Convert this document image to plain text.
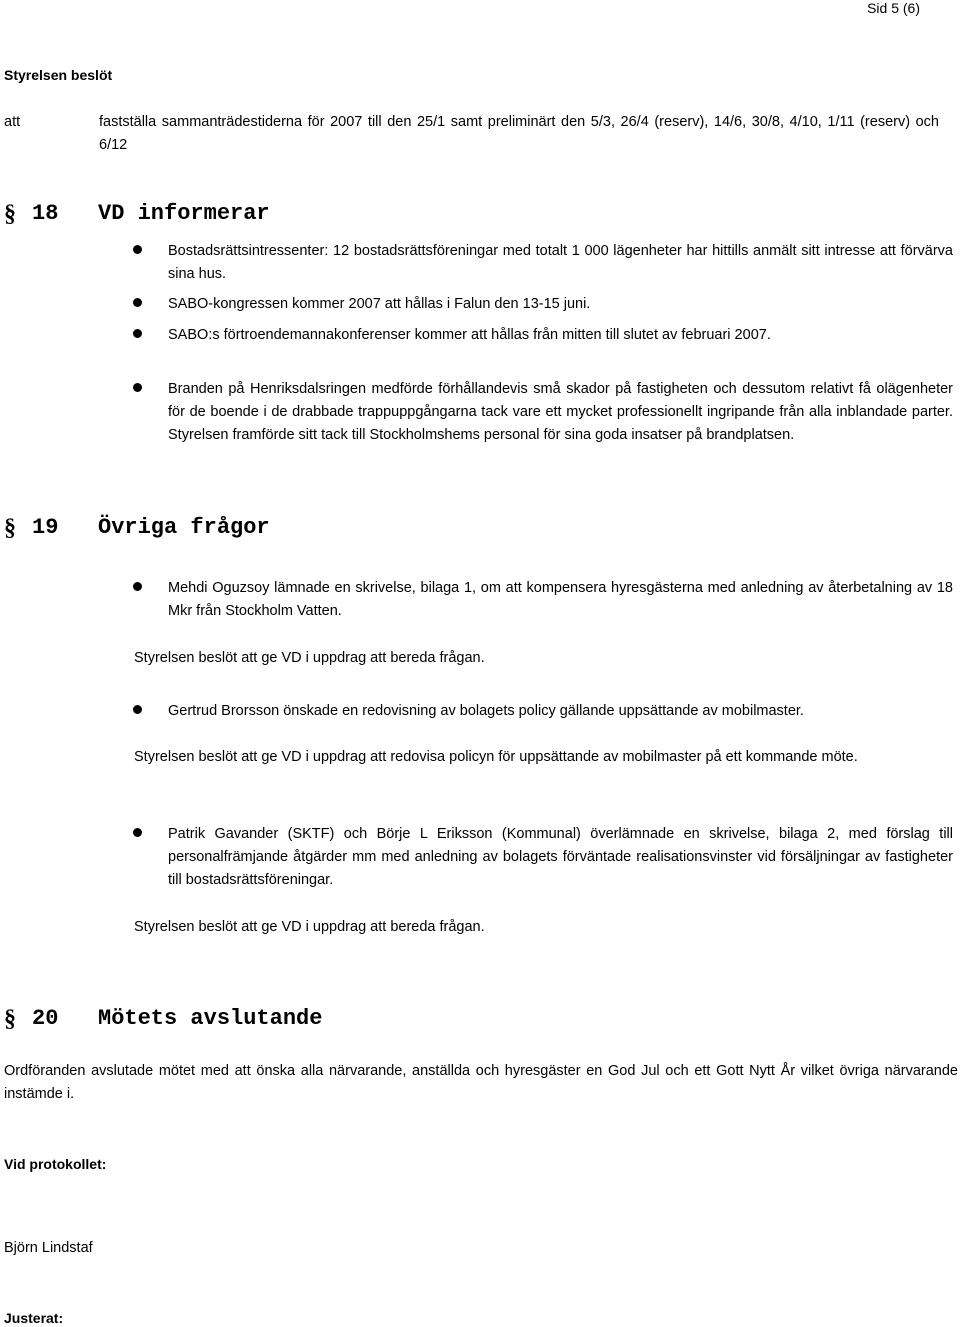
Sid 5 (6)
Styrelsen beslöt
att	fastställa sammanträdestiderna för 2007 till den 25/1 samt preliminärt den 5/3, 26/4 (reserv), 14/6, 30/8, 4/10, 1/11 (reserv) och 6/12
§ 18 VD informerar
Bostadsrättsintressenter: 12 bostadsrättsföreningar med totalt 1 000 lägenheter har hittills anmält sitt intresse att förvärva sina hus.
SABO-kongressen kommer 2007 att hållas i Falun den 13-15 juni.
SABO:s förtroendemannakonferenser kommer att hållas från mitten till slutet av februari 2007.
Branden på Henriksdalsringen medförde förhållandevis små skador på fastigheten och dessutom relativt få olägenheter för de boende i de drabbade trappuppgångarna tack vare ett mycket professionellt ingripande från alla inblandade parter. Styrelsen framförde sitt tack till Stockholmshems personal för sina goda insatser på brandplatsen.
§ 19 Övriga frågor
Mehdi Oguzsoy lämnade en skrivelse, bilaga 1, om att kompensera hyresgästerna med anledning av återbetalning av 18 Mkr från Stockholm Vatten.
Styrelsen beslöt att ge VD i uppdrag att bereda frågan.
Gertrud Brorsson önskade en redovisning av bolagets policy gällande uppsättande av mobilmaster.
Styrelsen beslöt att ge VD i uppdrag att redovisa policyn för uppsättande av mobilmaster på ett kommande möte.
Patrik Gavander (SKTF) och Börje L Eriksson (Kommunal) överlämnade en skrivelse, bilaga 2, med förslag till personalfrämjande åtgärder mm med anledning av bolagets förväntade realisationsvinster vid försäljningar av fastigheter till bostadsrättsföreningar.
Styrelsen beslöt att ge VD i uppdrag att bereda frågan.
§ 20 Mötets avslutande
Ordföranden avslutade mötet med att önska alla närvarande, anställda och hyresgäster en God Jul och ett Gott Nytt År vilket övriga närvarande instämde i.
Vid protokollet:
Björn Lindstaf
Justerat:
